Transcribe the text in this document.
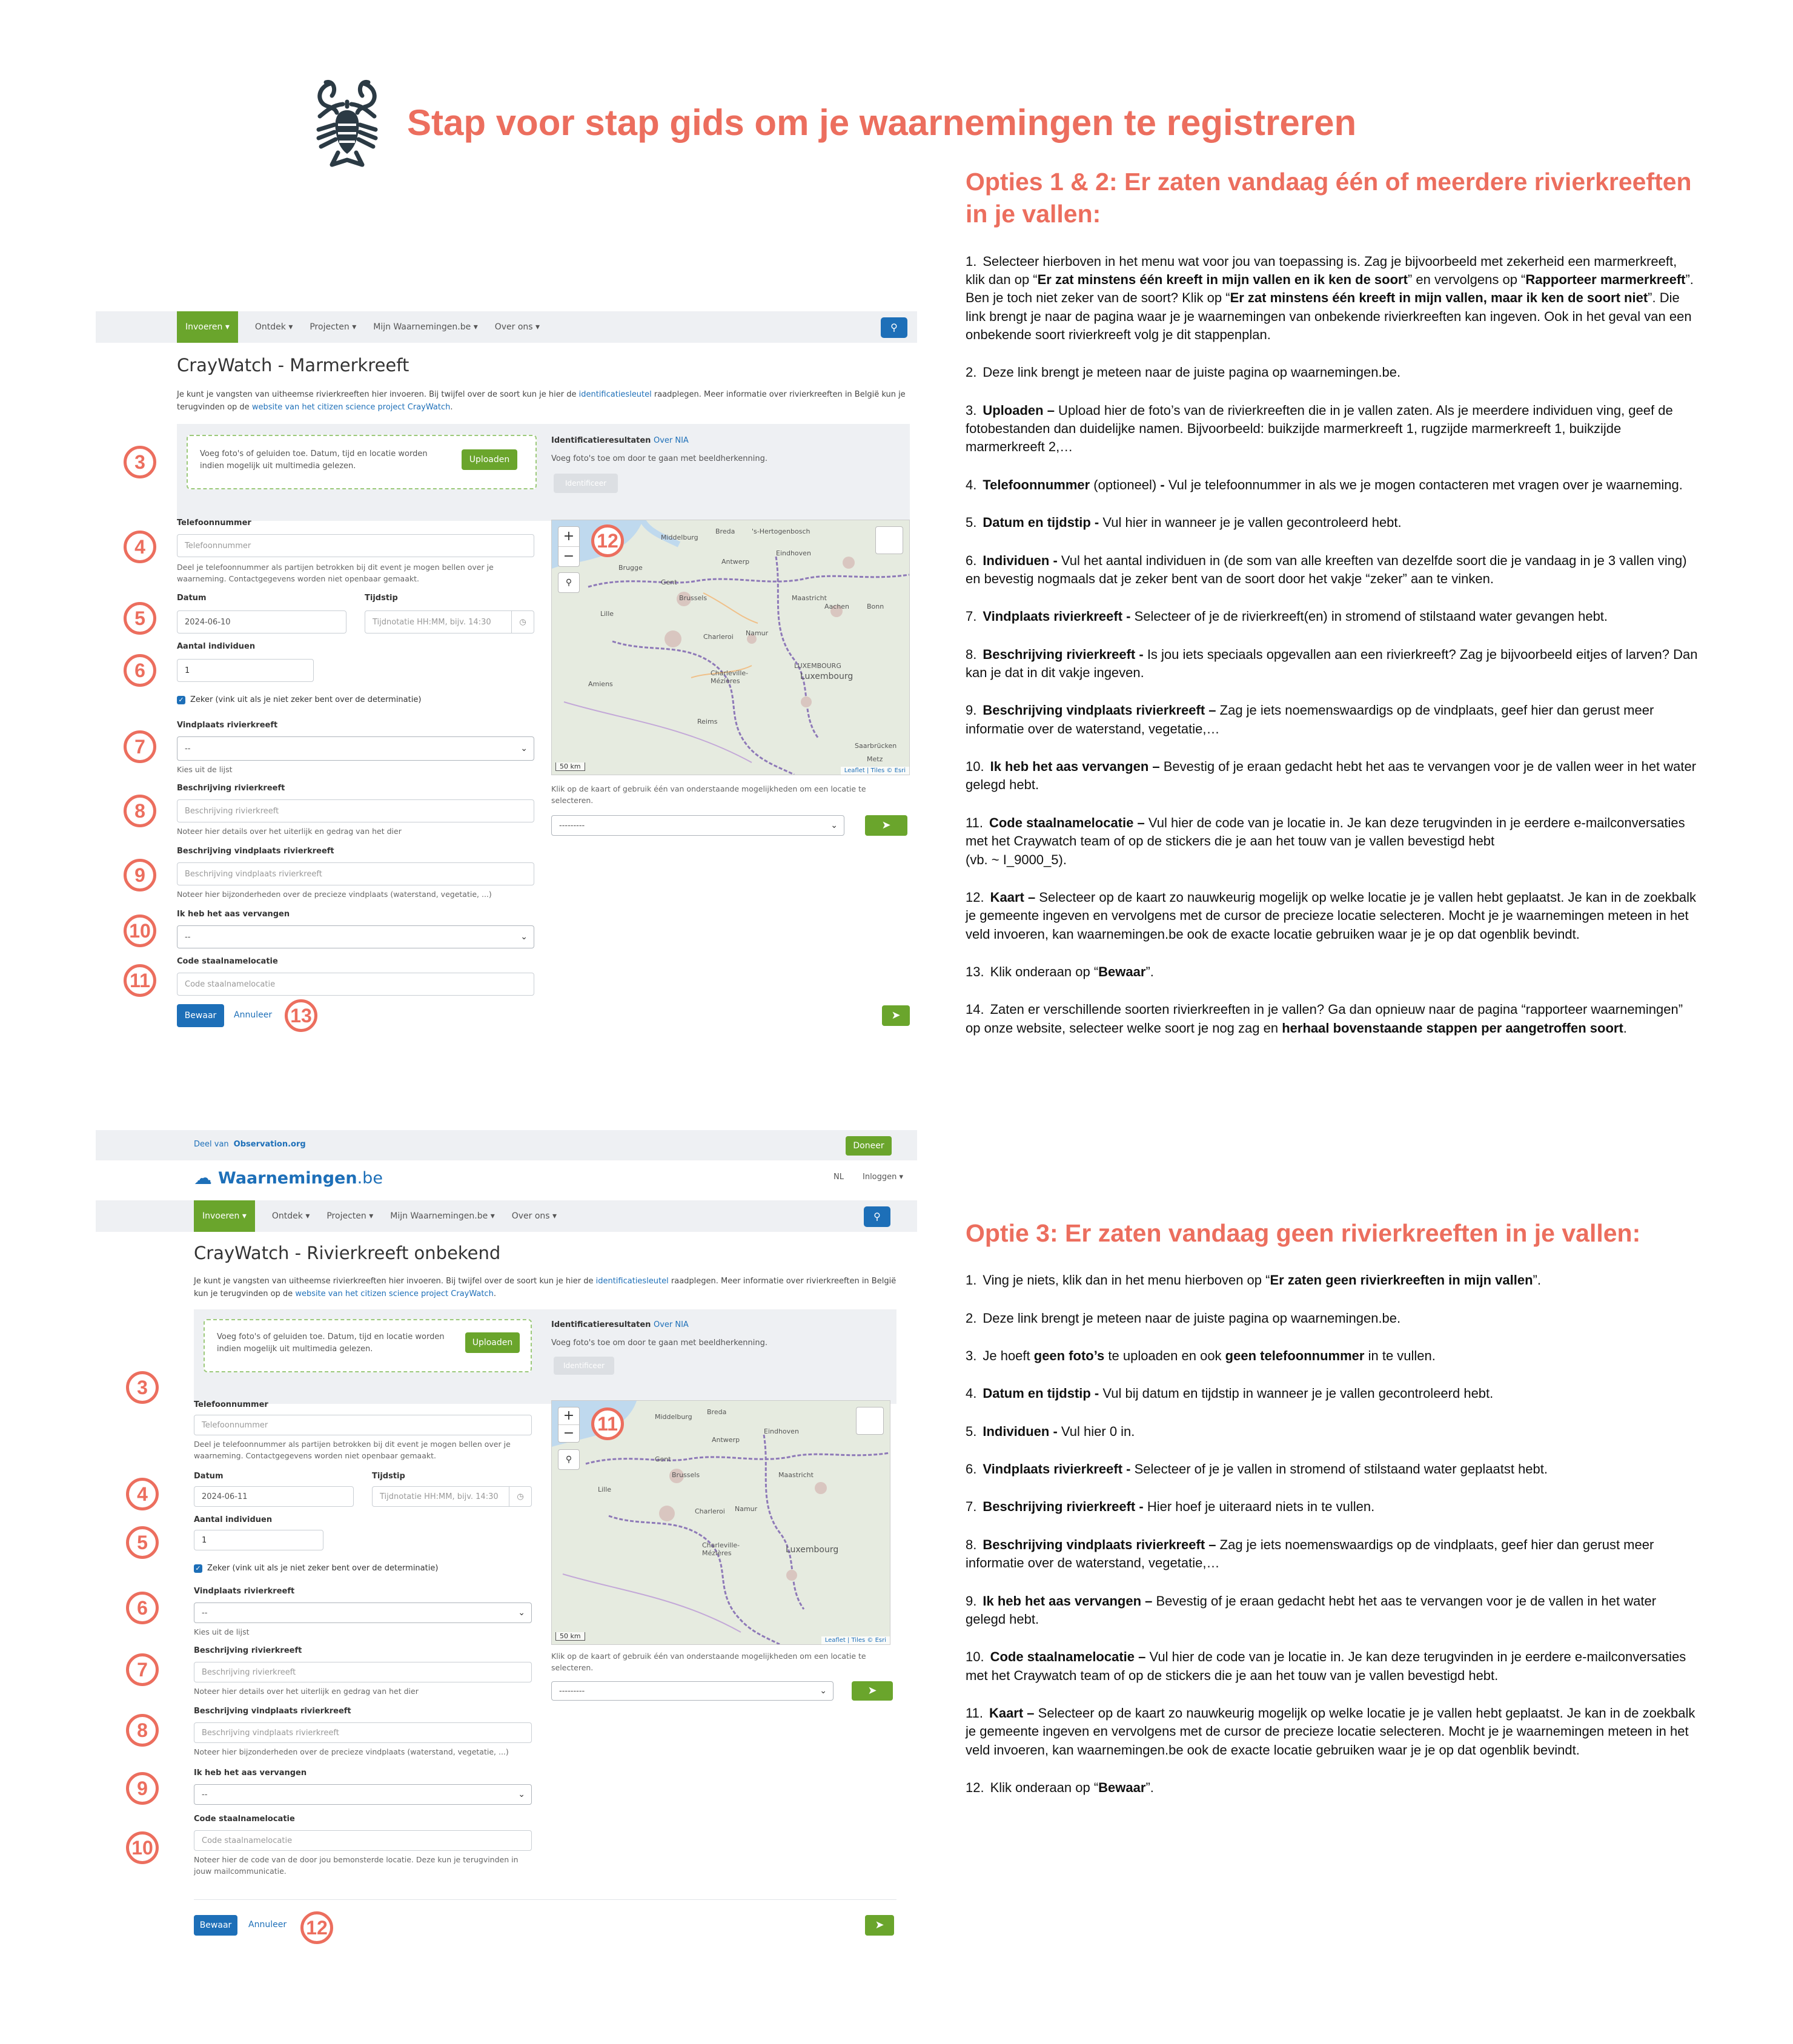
Stap voor stap gids om je waarnemingen te registreren
Opties 1 & 2: Er zaten vandaag één of meerdere rivierkreeften in je vallen:

1. Selecteer hierboven in het menu wat voor jou van toepassing is. Zag je bijvoorbeeld met zekerheid een marmerkreeft, klik dan op “Er zat minstens één kreeft in mijn vallen en ik ken de soort” en vervolgens op “Rapporteer marmerkreeft”. Ben je toch niet zeker van de soort? Klik op “Er zat minstens één kreeft in mijn vallen, maar ik ken de soort niet”. Die link brengt je naar de pagina waar je je waarnemingen van onbekende rivierkreeften kan ingeven. Ook in het geval van een onbekende soort rivierkreeft volg je dit stappenplan.

2. Deze link brengt je meteen naar de juiste pagina op waarnemingen.be.

3. Uploaden – Upload hier de foto’s van de rivierkreeften die in je vallen zaten. Als je meerdere individuen ving, geef de fotobestanden dan duidelijke namen. Bijvoorbeeld: buikzijde marmerkreeft 1, rugzijde marmerkreeft 1, buikzijde marmerkreeft 2,…

4. Telefoonnummer (optioneel) - Vul je telefoonnummer in als we je mogen contacteren met vragen over je waarneming.

5. Datum en tijdstip - Vul hier in wanneer je je vallen gecontroleerd hebt.

6. Individuen - Vul het aantal individuen in (de som van alle kreeften van dezelfde soort die je vandaag in je 3 vallen ving) en bevestig nogmaals dat je zeker bent van de soort door het vakje “zeker” aan te vinken.

7. Vindplaats rivierkreeft - Selecteer of je de rivierkreeft(en) in stromend of stilstaand water gevangen hebt.

8. Beschrijving rivierkreeft - Is jou iets speciaals opgevallen aan een rivierkreeft? Zag je bijvoorbeeld eitjes of larven? Dan kan je dat in dit vakje ingeven.

9. Beschrijving vindplaats rivierkreeft – Zag je iets noemenswaardigs op de vindplaats, geef hier dan gerust meer informatie over de waterstand, vegetatie,…

10. Ik heb het aas vervangen – Bevestig of je eraan gedacht hebt het aas te vervangen voor je de vallen weer in het water gelegd hebt.

11. Code staalnamelocatie – Vul hier de code van je locatie in. Je kan deze terugvinden in je eerdere e-mailconversaties met het Craywatch team of op de stickers die je aan het touw van je vallen bevestigd hebt
(vb. ~ I_9000_5).

12. Kaart – Selecteer op de kaart zo nauwkeurig mogelijk op welke locatie je je vallen hebt geplaatst. Je kan in de zoekbalk je gemeente ingeven en vervolgens met de cursor de precieze locatie selecteren. Mocht je je waarnemingen meteen in het veld invoeren, kan waarnemingen.be ook de exacte locatie gebruiken waar je je op dat ogenblik bevindt.

13. Klik onderaan op “Bewaar”.

14. Zaten er verschillende soorten rivierkreeften in je vallen? Ga dan opnieuw naar de pagina “rapporteer waarnemingen” op onze website, selecteer welke soort je nog zag en herhaal bovenstaande stappen per aangetroffen soort.

Optie 3: Er zaten vandaag geen rivierkreeften in je vallen:

1. Ving je niets, klik dan in het menu hierboven op “Er zaten geen rivierkreeften in mijn vallen”.

2. Deze link brengt je meteen naar de juiste pagina op waarnemingen.be.

3. Je hoeft geen foto’s te uploaden en ook geen telefoonnummer in te vullen.

4. Datum en tijdstip - Vul bij datum en tijdstip in wanneer je je vallen gecontroleerd hebt.

5. Individuen - Vul hier 0 in.

6. Vindplaats rivierkreeft - Selecteer of je je vallen in stromend of stilstaand water geplaatst hebt.

7. Beschrijving rivierkreeft - Hier hoef je uiteraard niets in te vullen.

8. Beschrijving vindplaats rivierkreeft – Zag je iets noemenswaardigs op de vindplaats, geef hier dan gerust meer informatie over de waterstand, vegetatie,…

9. Ik heb het aas vervangen – Bevestig of je eraan gedacht hebt het aas te vervangen voor je de vallen in het water gelegd hebt.

10. Code staalnamelocatie – Vul hier de code van je locatie in. Je kan deze terugvinden in je eerdere e-mailconversaties met het Craywatch team of op de stickers die je aan het touw van je vallen bevestigd hebt.

11. Kaart – Selecteer op de kaart zo nauwkeurig mogelijk op welke locatie je je vallen hebt geplaatst. Je kan in de zoekbalk je gemeente ingeven en vervolgens met de cursor de precieze locatie selecteren. Mocht je je waarnemingen meteen in het veld invoeren, kan waarnemingen.be ook de exacte locatie gebruiken waar je je op dat ogenblik bevindt.

12. Klik onderaan op “Bewaar”.

Invoeren ▾	Ontdek ▾ Projecten ▾ Mijn Waarnemingen.be ▾ Over ons ▾	⚲
CrayWatch - Marmerkreeft
Je kunt je vangsten van uitheemse rivierkreeften hier invoeren. Bij twijfel over de soort kun je hier de identificatiesleutel raadplegen. Meer informatie over rivierkreeften in België kun je terugvinden op de website van het citizen science project CrayWatch.
Voeg foto's of geluiden toe. Datum, tijd en locatie worden indien mogelijk uit multimedia gelezen.
Uploaden
Identificatieresultaten Over NIA
Voeg foto's toe om door te gaan met beeldherkenning.
Identificeer
Telefoonnummer
Telefoonnummer
Deel je telefoonnummer als partijen betrokken bij dit event je mogen bellen over je waarneming. Contactgegevens worden niet openbaar gemaakt.
Datum
2024-06-10
Tijdstip
Tijdnotatie HH:MM, bijv. 14:30	◷
Aantal individuen
1
✓ Zeker (vink uit als je niet zeker bent over de determinatie)
Vindplaats rivierkreeft
--	⌄
Kies uit de lijst
Beschrijving rivierkreeft
Beschrijving rivierkreeft
Noteer hier details over het uiterlijk en gedrag van het dier
Beschrijving vindplaats rivierkreeft
Beschrijving vindplaats rivierkreeft
Noteer hier bijzonderheden over de precieze vindplaats (waterstand, vegetatie, ...)
Ik heb het aas vervangen
--	⌄
Code staalnamelocatie
Code staalnamelocatie
Bewaar	Annuleer	➤
Middelburg
Breda	's-Hertogenbosch
Eindhoven
Antwerp
Brugge
Gent
Brussels	Maastricht
Aachen	Bonn
Lille
Namur
Charleroi
LUXEMBOURG
Luxembourg
Charleville-Mézières
Saarbrücken
Metz
Reims
Amiens
+
−
⚲
50 km
Leaflet | Tiles © Esri
Klik op de kaart of gebruik één van onderstaande mogelijkheden om een locatie te selecteren.
---------	⌄	➤
3
4
5
6
7
8
9
10
11
12
13
Deel van Observation.org	Doneer
☁ Waarnemingen.be	NL Inloggen ▾
Invoeren ▾	Ontdek ▾ Projecten ▾ Mijn Waarnemingen.be ▾ Over ons ▾	⚲
CrayWatch - Rivierkreeft onbekend
Je kunt je vangsten van uitheemse rivierkreeften hier invoeren. Bij twijfel over de soort kun je hier de identificatiesleutel raadplegen. Meer informatie over rivierkreeften in België kun je terugvinden op de website van het citizen science project CrayWatch.
Voeg foto's of geluiden toe. Datum, tijd en locatie worden indien mogelijk uit multimedia gelezen.
Uploaden
Identificatieresultaten Over NIA
Voeg foto's toe om door te gaan met beeldherkenning.
Identificeer
Telefoonnummer
Telefoonnummer
Deel je telefoonnummer als partijen betrokken bij dit event je mogen bellen over je waarneming. Contactgegevens worden niet openbaar gemaakt.
Datum
2024-06-11
Tijdstip
Tijdnotatie HH:MM, bijv. 14:30	◷
Aantal individuen
1
✓ Zeker (vink uit als je niet zeker bent over de determinatie)
Vindplaats rivierkreeft
--	⌄
Kies uit de lijst
Beschrijving rivierkreeft
Beschrijving rivierkreeft
Noteer hier details over het uiterlijk en gedrag van het dier
Beschrijving vindplaats rivierkreeft
Beschrijving vindplaats rivierkreeft
Noteer hier bijzonderheden over de precieze vindplaats (waterstand, vegetatie, ...)
Ik heb het aas vervangen
--	⌄
Code staalnamelocatie
Code staalnamelocatie
Noteer hier de code van de door jou bemonsterde locatie. Deze kun je terugvinden in jouw mailcommunicatie.
Bewaar	Annuleer	➤
Middelburg
Breda
Eindhoven
Antwerp
Gent
Brussels	Maastricht
Lille
Namur
Charleroi
Luxembourg
Charleville-Mézières
+
−
⚲
50 km
Leaflet | Tiles © Esri
Klik op de kaart of gebruik één van onderstaande mogelijkheden om een locatie te selecteren.
---------	⌄	➤
3
4
5
6
7
8
9
10
11
12
